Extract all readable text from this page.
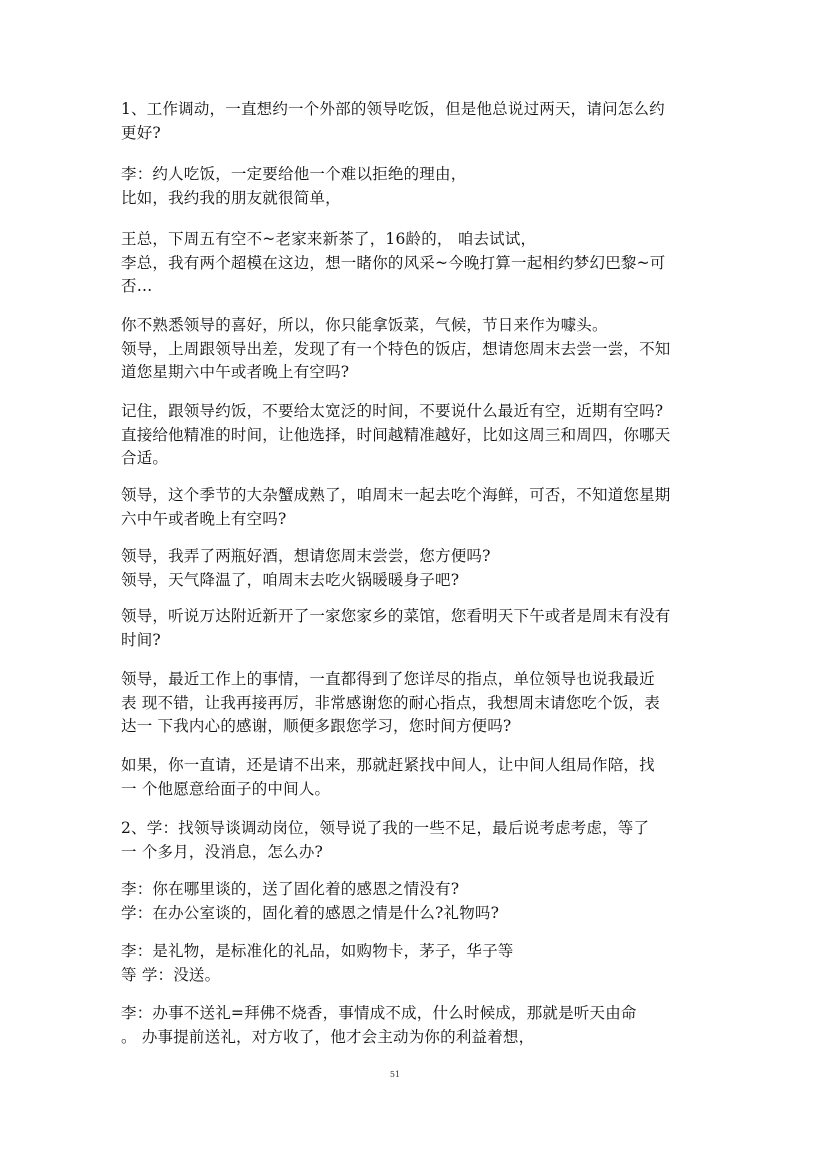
1、工作调动，一直想约一个外部的领导吃饭，但是他总说过两天，请问怎么约
更好?
李：约人吃饭，一定要给他一个难以拒绝的理由，
比如，我约我的朋友就很简单，
王总，下周五有空不~老家来新茶了，16龄的， 咱去试试，
李总，我有两个超模在这边，想一睹你的风采~今晚打算一起相约梦幻巴黎~可
否…
你不熟悉领导的喜好，所以，你只能拿饭菜，气候，节日来作为噱头。
领导，上周跟领导出差，发现了有一个特色的饭店，想请您周末去尝一尝，不知
道您星期六中午或者晚上有空吗?
记住，跟领导约饭，不要给太宽泛的时间，不要说什么最近有空，近期有空吗?
直接给他精准的时间，让他选择，时间越精准越好，比如这周三和周四，你哪天
合适。
领导，这个季节的大杂蟹成熟了，咱周末一起去吃个海鲜，可否，不知道您星期
六中午或者晚上有空吗?
领导，我弄了两瓶好酒，想请您周末尝尝，您方便吗?
领导，天气降温了，咱周末去吃火锅暖暖身子吧?
领导，听说万达附近新开了一家您家乡的菜馆，您看明天下午或者是周末有没有
时间?
领导，最近工作上的事情，一直都得到了您详尽的指点，单位领导也说我最近
表 现不错，让我再接再厉，非常感谢您的耐心指点，我想周末请您吃个饭，表
达一 下我内心的感谢，顺便多跟您学习，您时间方便吗?
如果，你一直请，还是请不出来，那就赶紧找中间人，让中间人组局作陪，找
一 个他愿意给面子的中间人。
2、学：找领导谈调动岗位，领导说了我的一些不足，最后说考虑考虑，等了
一 个多月，没消息，怎么办?
李：你在哪里谈的，送了固化着的感恩之情没有?
学：在办公室谈的，固化着的感恩之情是什么?礼物吗?
李：是礼物，是标准化的礼品，如购物卡，茅子，华子等
等 学：没送。
李：办事不送礼=拜佛不烧香，事情成不成，什么时候成，那就是听天由命
。 办事提前送礼，对方收了，他才会主动为你的利益着想，
51
